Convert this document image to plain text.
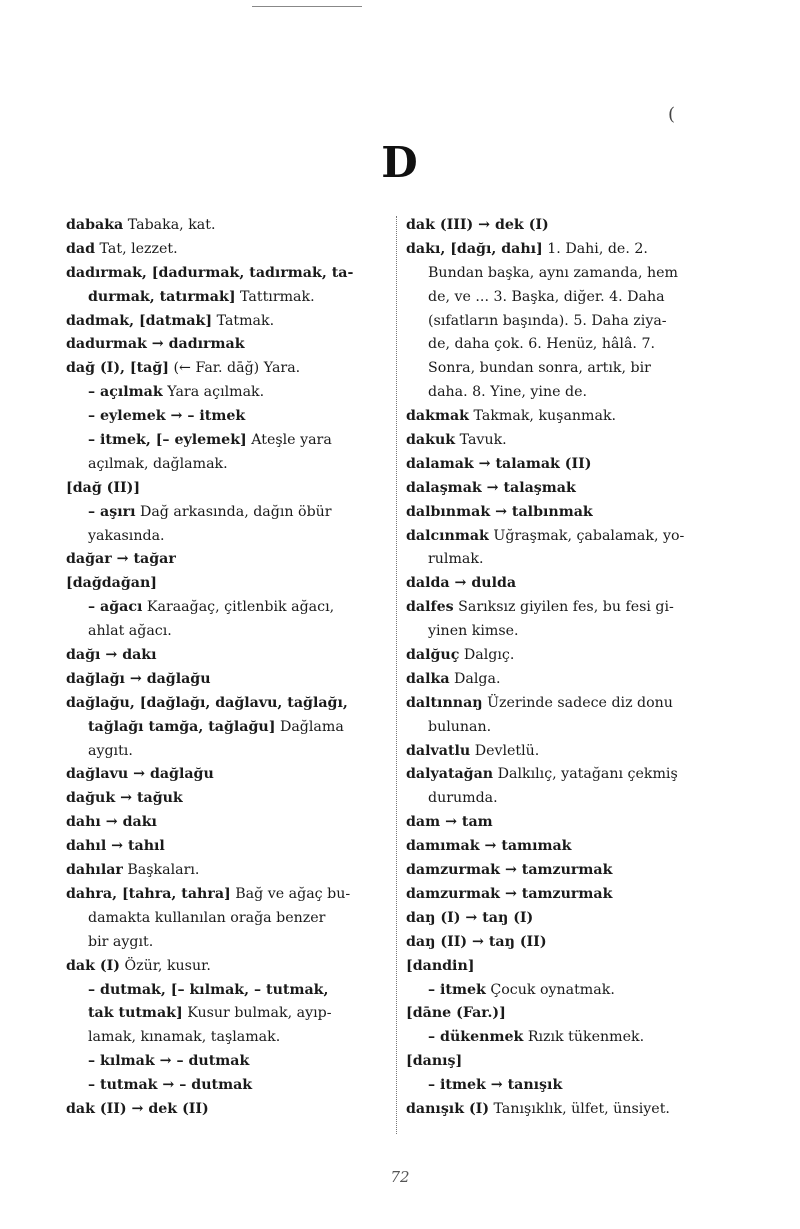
(
D
dabaka Tabaka, kat.
dad Tat, lezzet.
dadırmak, [dadurmak, tadırmak, ta-
durmak, tatırmak] Tattırmak.
dadmak, [datmak] Tatmak.
dadurmak → dadırmak
dağ (I), [tağ] (← Far. dāğ) Yara.
– açılmak Yara açılmak.
– eylemek → – itmek
– itmek, [– eylemek] Ateşle yara
açılmak, dağlamak.
[dağ (II)]
– aşırı Dağ arkasında, dağın öbür
yakasında.
dağar → tağar
[dağdağan]
– ağacı Karaağaç, çitlenbik ağacı,
ahlat ağacı.
dağı → dakı
dağlağı → dağlağu
dağlağu, [dağlağı, dağlavu, tağlağı,
tağlağı tamğa, tağlağu] Dağlama
aygıtı.
dağlavu → dağlağu
dağuk → tağuk
dahı → dakı
dahıl → tahıl
dahılar Başkaları.
dahra, [tahra, tahra] Bağ ve ağaç bu-
damakta kullanılan orağa benzer
bir aygıt.
dak (I) Özür, kusur.
– dutmak, [– kılmak, – tutmak,
tak tutmak] Kusur bulmak, ayıp-
lamak, kınamak, taşlamak.
– kılmak → – dutmak
– tutmak → – dutmak
dak (II) → dek (II)
dak (III) → dek (I)
dakı, [dağı, dahı] 1. Dahi, de. 2.
Bundan başka, aynı zamanda, hem
de, ve ... 3. Başka, diğer. 4. Daha
(sıfatların başında). 5. Daha ziya-
de, daha çok. 6. Henüz, hâlâ. 7.
Sonra, bundan sonra, artık, bir
daha. 8. Yine, yine de.
dakmak Takmak, kuşanmak.
dakuk Tavuk.
dalamak → talamak (II)
dalaşmak → talaşmak
dalbınmak → talbınmak
dalcınmak Uğraşmak, çabalamak, yo-
rulmak.
dalda → dulda
dalfes Sarıksız giyilen fes, bu fesi gi-
yinen kimse.
dalğuç Dalgıç.
dalka Dalga.
daltınnaŋ Üzerinde sadece diz donu
bulunan.
dalvatlu Devletlü.
dalyatağan Dalkılıç, yatağanı çekmiş
durumda.
dam → tam
damımak → tamımak
damzurmak → tamzurmak
damzurmak → tamzurmak
daŋ (I) → taŋ (I)
daŋ (II) → taŋ (II)
[dandin]
– itmek Çocuk oynatmak.
[dāne (Far.)]
– dükenmek Rızık tükenmek.
[danış]
– itmek → tanışık
danışık (I) Tanışıklık, ülfet, ünsiyet.
72
